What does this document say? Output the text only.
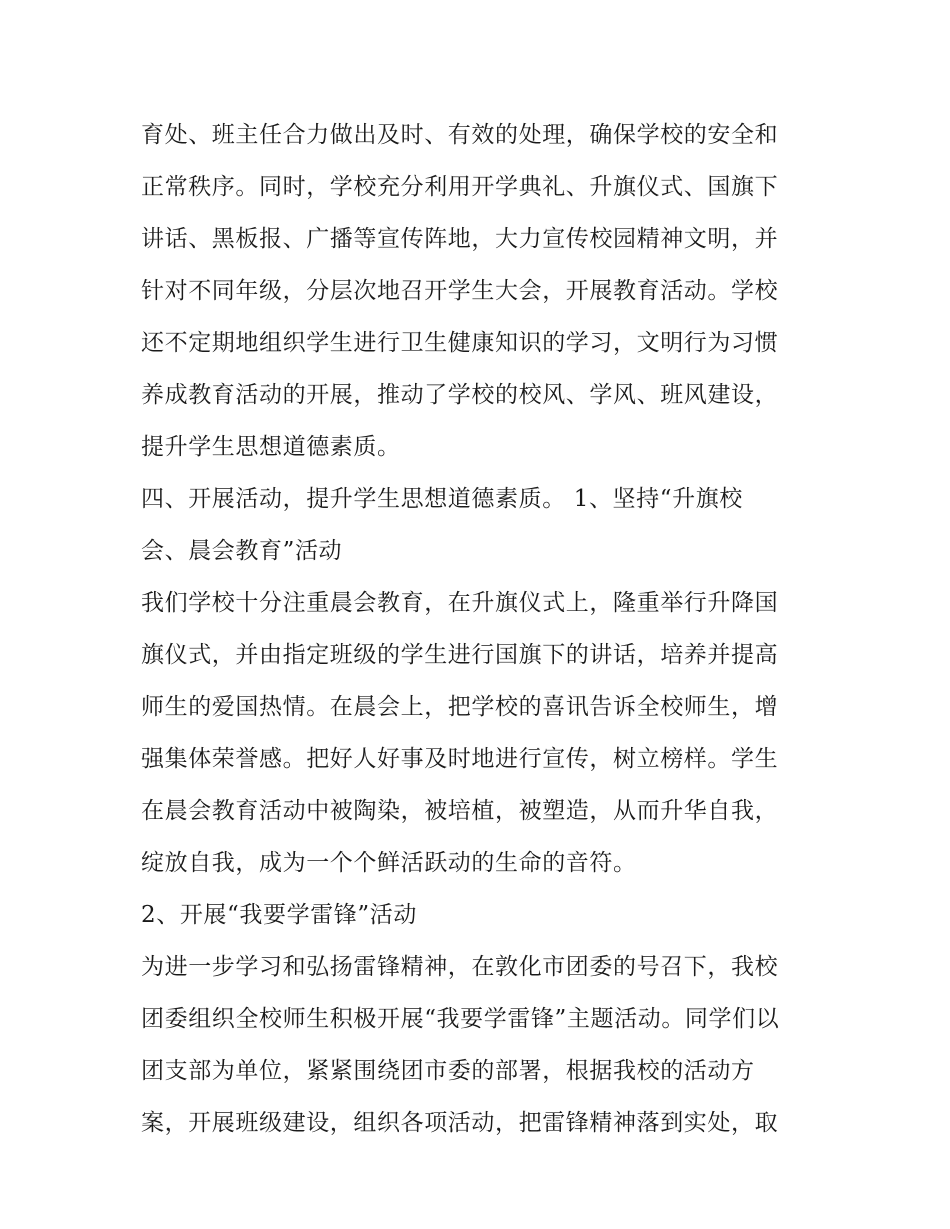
育处、班主任合力做出及时、有效的处理，确保学校的安全和
正常秩序。同时，学校充分利用开学典礼、升旗仪式、国旗下
讲话、黑板报、广播等宣传阵地，大力宣传校园精神文明，并
针对不同年级，分层次地召开学生大会，开展教育活动。学校
还不定期地组织学生进行卫生健康知识的学习，文明行为习惯
养成教育活动的开展，推动了学校的校风、学风、班风建设，
提升学生思想道德素质。
四、开展活动，提升学生思想道德素质。 1、坚持“升旗校
会、晨会教育”活动
我们学校十分注重晨会教育，在升旗仪式上，隆重举行升降国
旗仪式，并由指定班级的学生进行国旗下的讲话，培养并提高
师生的爱国热情。在晨会上，把学校的喜讯告诉全校师生，增
强集体荣誉感。把好人好事及时地进行宣传，树立榜样。学生
在晨会教育活动中被陶染，被培植，被塑造，从而升华自我，
绽放自我，成为一个个鲜活跃动的生命的音符。
2、开展“我要学雷锋”活动
为进一步学习和弘扬雷锋精神，在敦化市团委的号召下，我校
团委组织全校师生积极开展“我要学雷锋”主题活动。同学们以
团支部为单位，紧紧围绕团市委的部署，根据我校的活动方
案，开展班级建设，组织各项活动，把雷锋精神落到实处，取
